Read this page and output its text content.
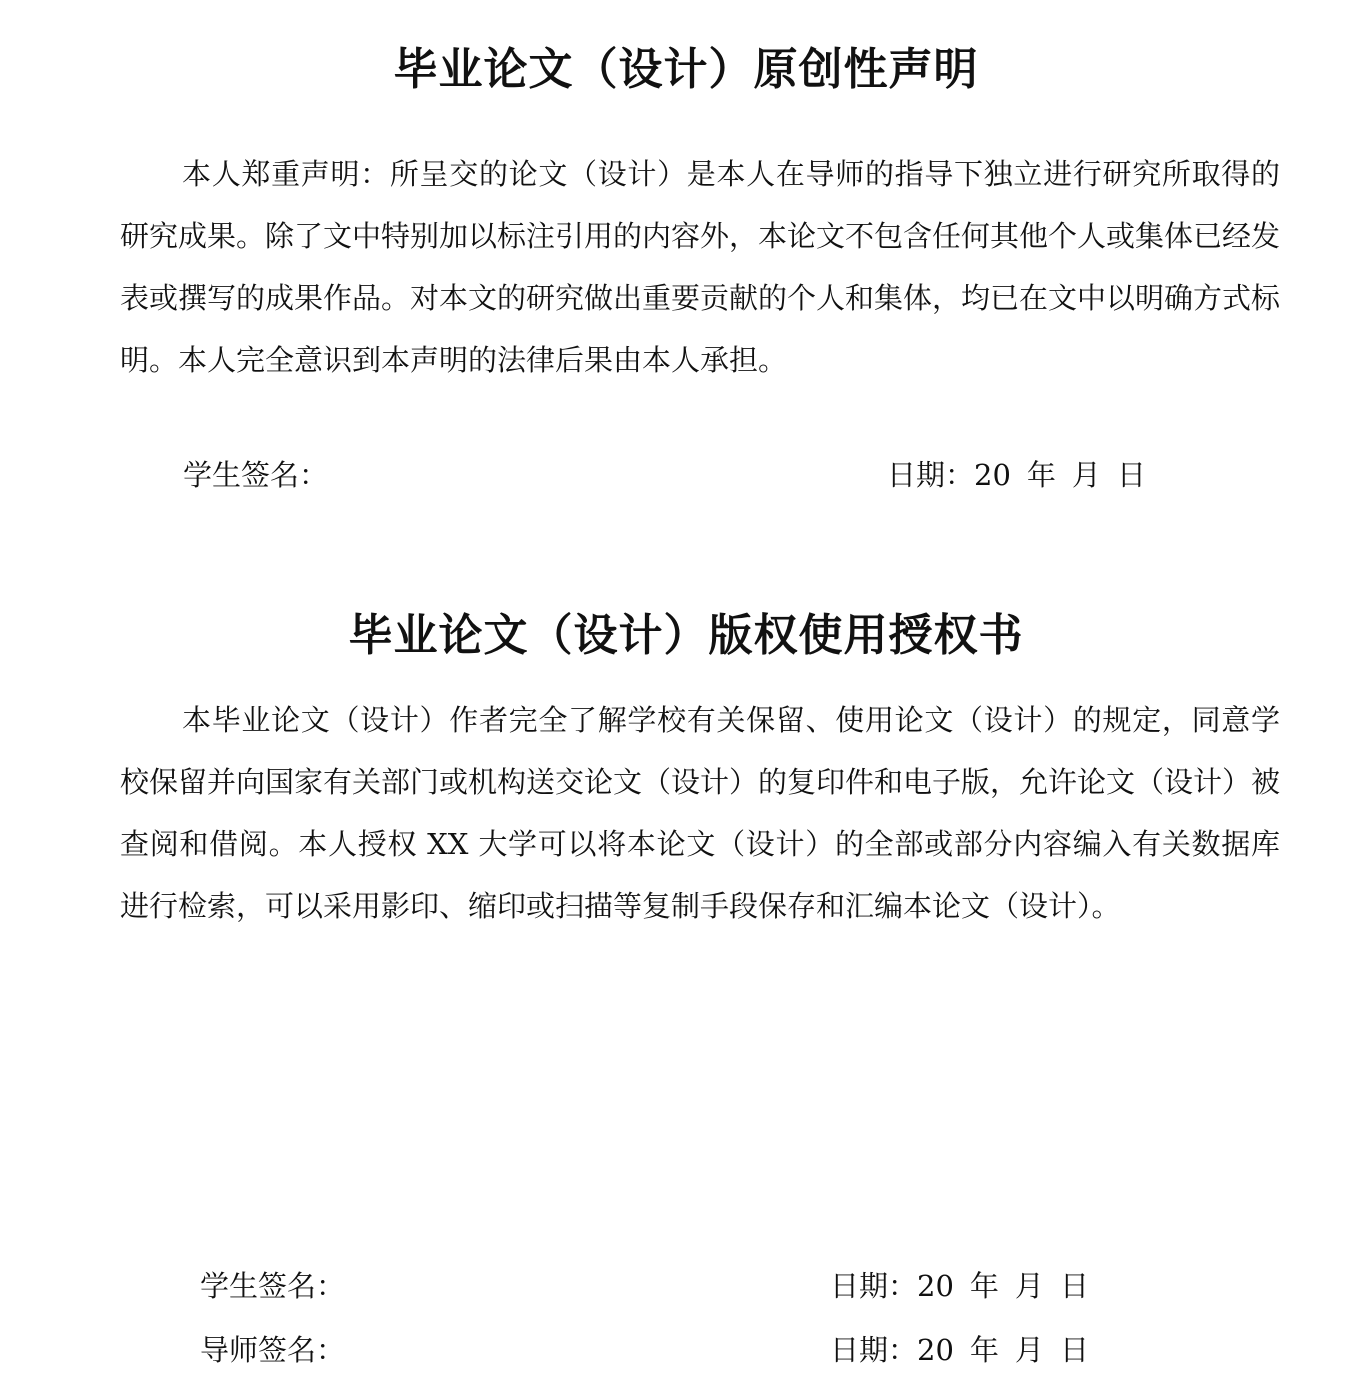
毕业论文（设计）原创性声明

本人郑重声明：所呈交的论文（设计）是本人在导师的指导下独立进行研究所取得的研究成果。除了文中特别加以标注引用的内容外，本论文不包含任何其他个人或集体已经发表或撰写的成果作品。对本文的研究做出重要贡献的个人和集体，均已在文中以明确方式标明。本人完全意识到本声明的法律后果由本人承担。

学生签名：	日期：20 年 月 日
毕业论文（设计）版权使用授权书

本毕业论文（设计）作者完全了解学校有关保留、使用论文（设计）的规定，同意学校保留并向国家有关部门或机构送交论文（设计）的复印件和电子版，允许论文（设计）被查阅和借阅。本人授权 XX 大学可以将本论文（设计）的全部或部分内容编入有关数据库进行检索，可以采用影印、缩印或扫描等复制手段保存和汇编本论文（设计）。

学生签名：	日期：20 年 月 日
导师签名：	日期：20 年 月 日
